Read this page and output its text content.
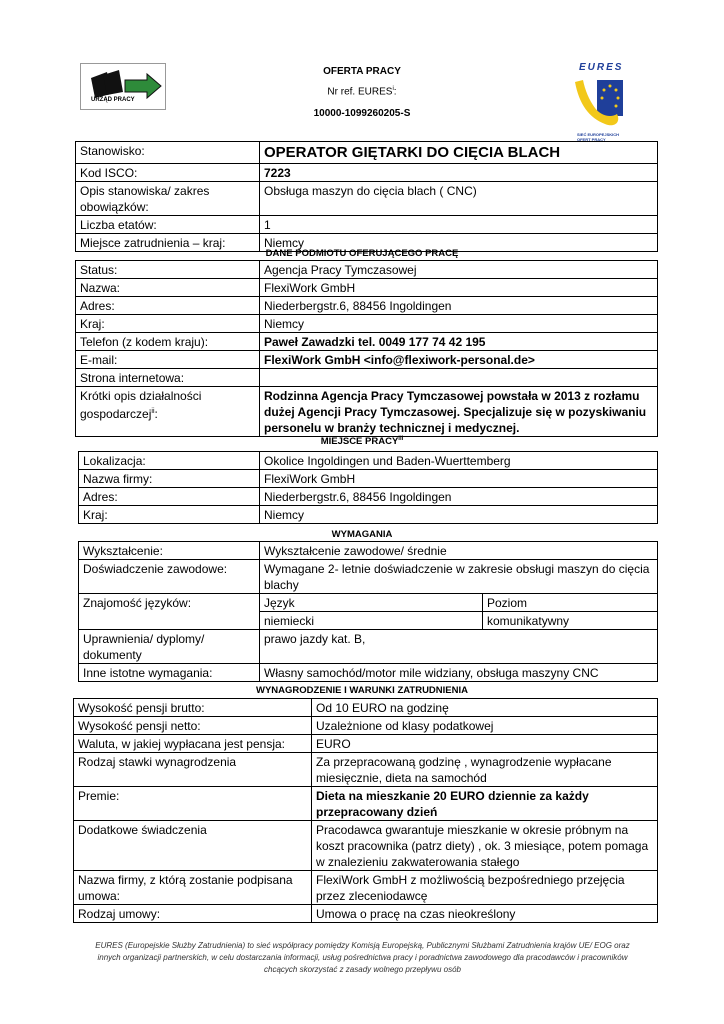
URZĄD PRACY
OFERTA PRACY
Nr ref. EURES$^i$:
10000-1099260205-S
EURES
SIEĆ EUROPEJSKICH
OFERT PRACY
Stanowisko:	OPERATOR GIĘTARKI DO CIĘCIA BLACH
Kod ISCO:	7223
Opis stanowiska/ zakres obowiązków:	Obsługa maszyn do cięcia blach ( CNC)
Liczba etatów:	1
Miejsce zatrudnienia – kraj:	Niemcy
DANE PODMIOTU OFERUJĄCEGO PRACĘ
Status:	Agencja Pracy Tymczasowej
Nazwa:	FlexiWork GmbH
Adres:	Niederbergstr.6, 88456 Ingoldingen
Kraj:	Niemcy
Telefon (z kodem kraju):	Paweł Zawadzki tel. 0049 177 74 42 195
E-mail:	FlexiWork GmbH <info@flexiwork-personal.de>
Strona internetowa:	
Krótki opis działalności gospodarczej$^{ii}$:	Rodzinna Agencja Pracy Tymczasowej powstała w 2013 z rozłamu dużej Agencji Pracy Tymczasowej. Specjalizuje się w pozyskiwaniu personelu w branży technicznej i medycznej.
MIEJSCE PRACY$^{iii}$
Lokalizacja:	Okolice Ingoldingen und Baden-Wuerttemberg
Nazwa firmy:	FlexiWork GmbH
Adres:	Niederbergstr.6, 88456 Ingoldingen
Kraj:	Niemcy
WYMAGANIA
Wykształcenie:	Wykształcenie zawodowe/ średnie	
Doświadczenie zawodowe:	Wymagane 2- letnie doświadczenie w zakresie obsługi maszyn do cięcia blachy	
Znajomość języków:	Język	Poziom
	niemiecki	komunikatywny
Uprawnienia/ dyplomy/ dokumenty	prawo jazdy kat. B,	
Inne istotne wymagania:	Własny samochód/motor mile widziany, obsługa maszyny CNC	
WYNAGRODZENIE I WARUNKI ZATRUDNIENIA
Wysokość pensji brutto:	Od 10 EURO na godzinę
Wysokość pensji netto:	Uzależnione od klasy podatkowej
Waluta, w jakiej wypłacana jest pensja:	EURO
Rodzaj stawki wynagrodzenia	Za przepracowaną godzinę , wynagrodzenie wypłacane miesięcznie, dieta na samochód
Premie:	Dieta na mieszkanie 20 EURO dziennie za każdy przepracowany dzień
Dodatkowe świadczenia	Pracodawca gwarantuje mieszkanie w okresie próbnym na koszt pracownika (patrz diety) , ok. 3 miesiące, potem pomaga w znalezieniu zakwaterowania stałego
Nazwa firmy, z którą zostanie podpisana umowa:	FlexiWork GmbH z możliwością bezpośredniego przejęcia przez zleceniodawcę
Rodzaj umowy:	Umowa o pracę na czas nieokreślony
EURES (Europejskie Służby Zatrudnienia) to sieć współpracy pomiędzy Komisją Europejską, Publicznymi Służbami Zatrudnienia krajów UE/ EOG oraz innych organizacji partnerskich, w celu dostarczania informacji, usług pośrednictwa pracy i poradnictwa zawodowego dla pracodawców i pracowników chcących skorzystać z zasady wolnego przepływu osób
